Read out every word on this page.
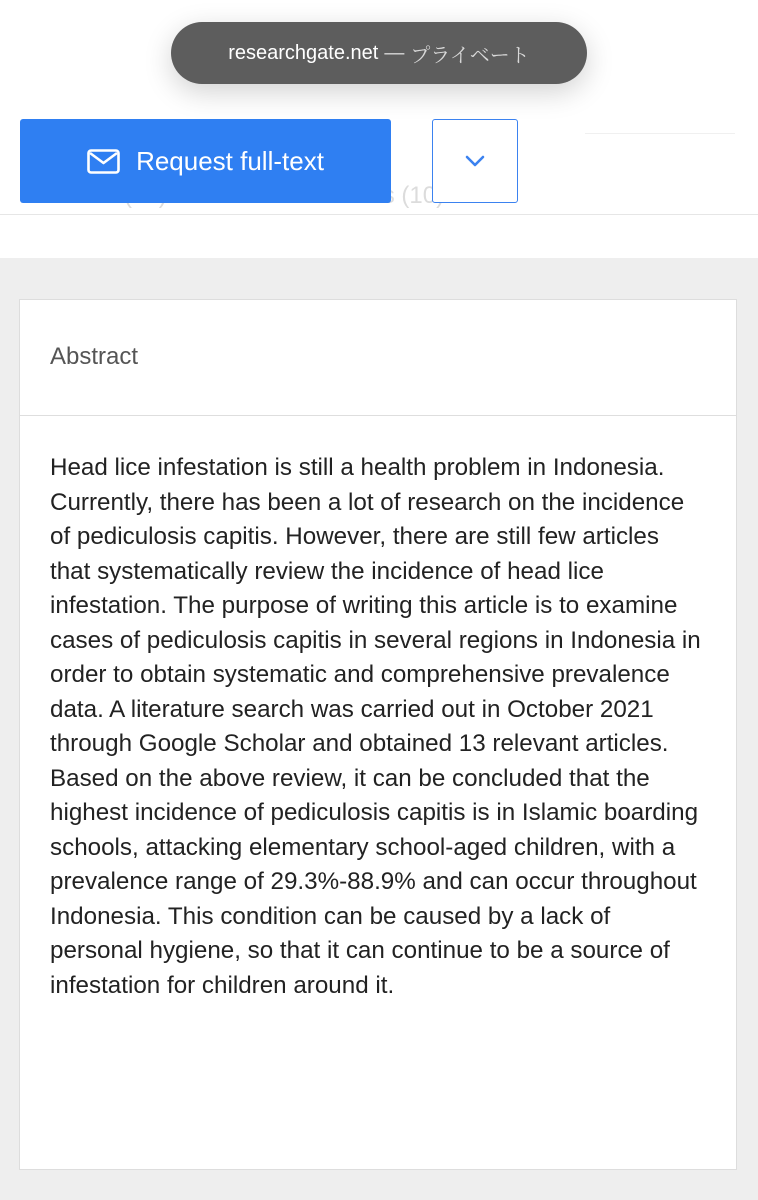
(10)
researchgate.net — プライベート
Request full-text
Abstract
Head lice infestation is still a health problem in Indonesia. Currently, there has been a lot of research on the incidence of pediculosis capitis. However, there are still few articles that systematically review the incidence of head lice infestation. The purpose of writing this article is to examine cases of pediculosis capitis in several regions in Indonesia in order to obtain systematic and comprehensive prevalence data. A literature search was carried out in October 2021 through Google Scholar and obtained 13 relevant articles. Based on the above review, it can be concluded that the highest incidence of pediculosis capitis is in Islamic boarding schools, attacking elementary school-aged children, with a prevalence range of 29.3%-88.9% and can occur throughout Indonesia. This condition can be caused by a lack of personal hygiene, so that it can continue to be a source of infestation for children around it.
